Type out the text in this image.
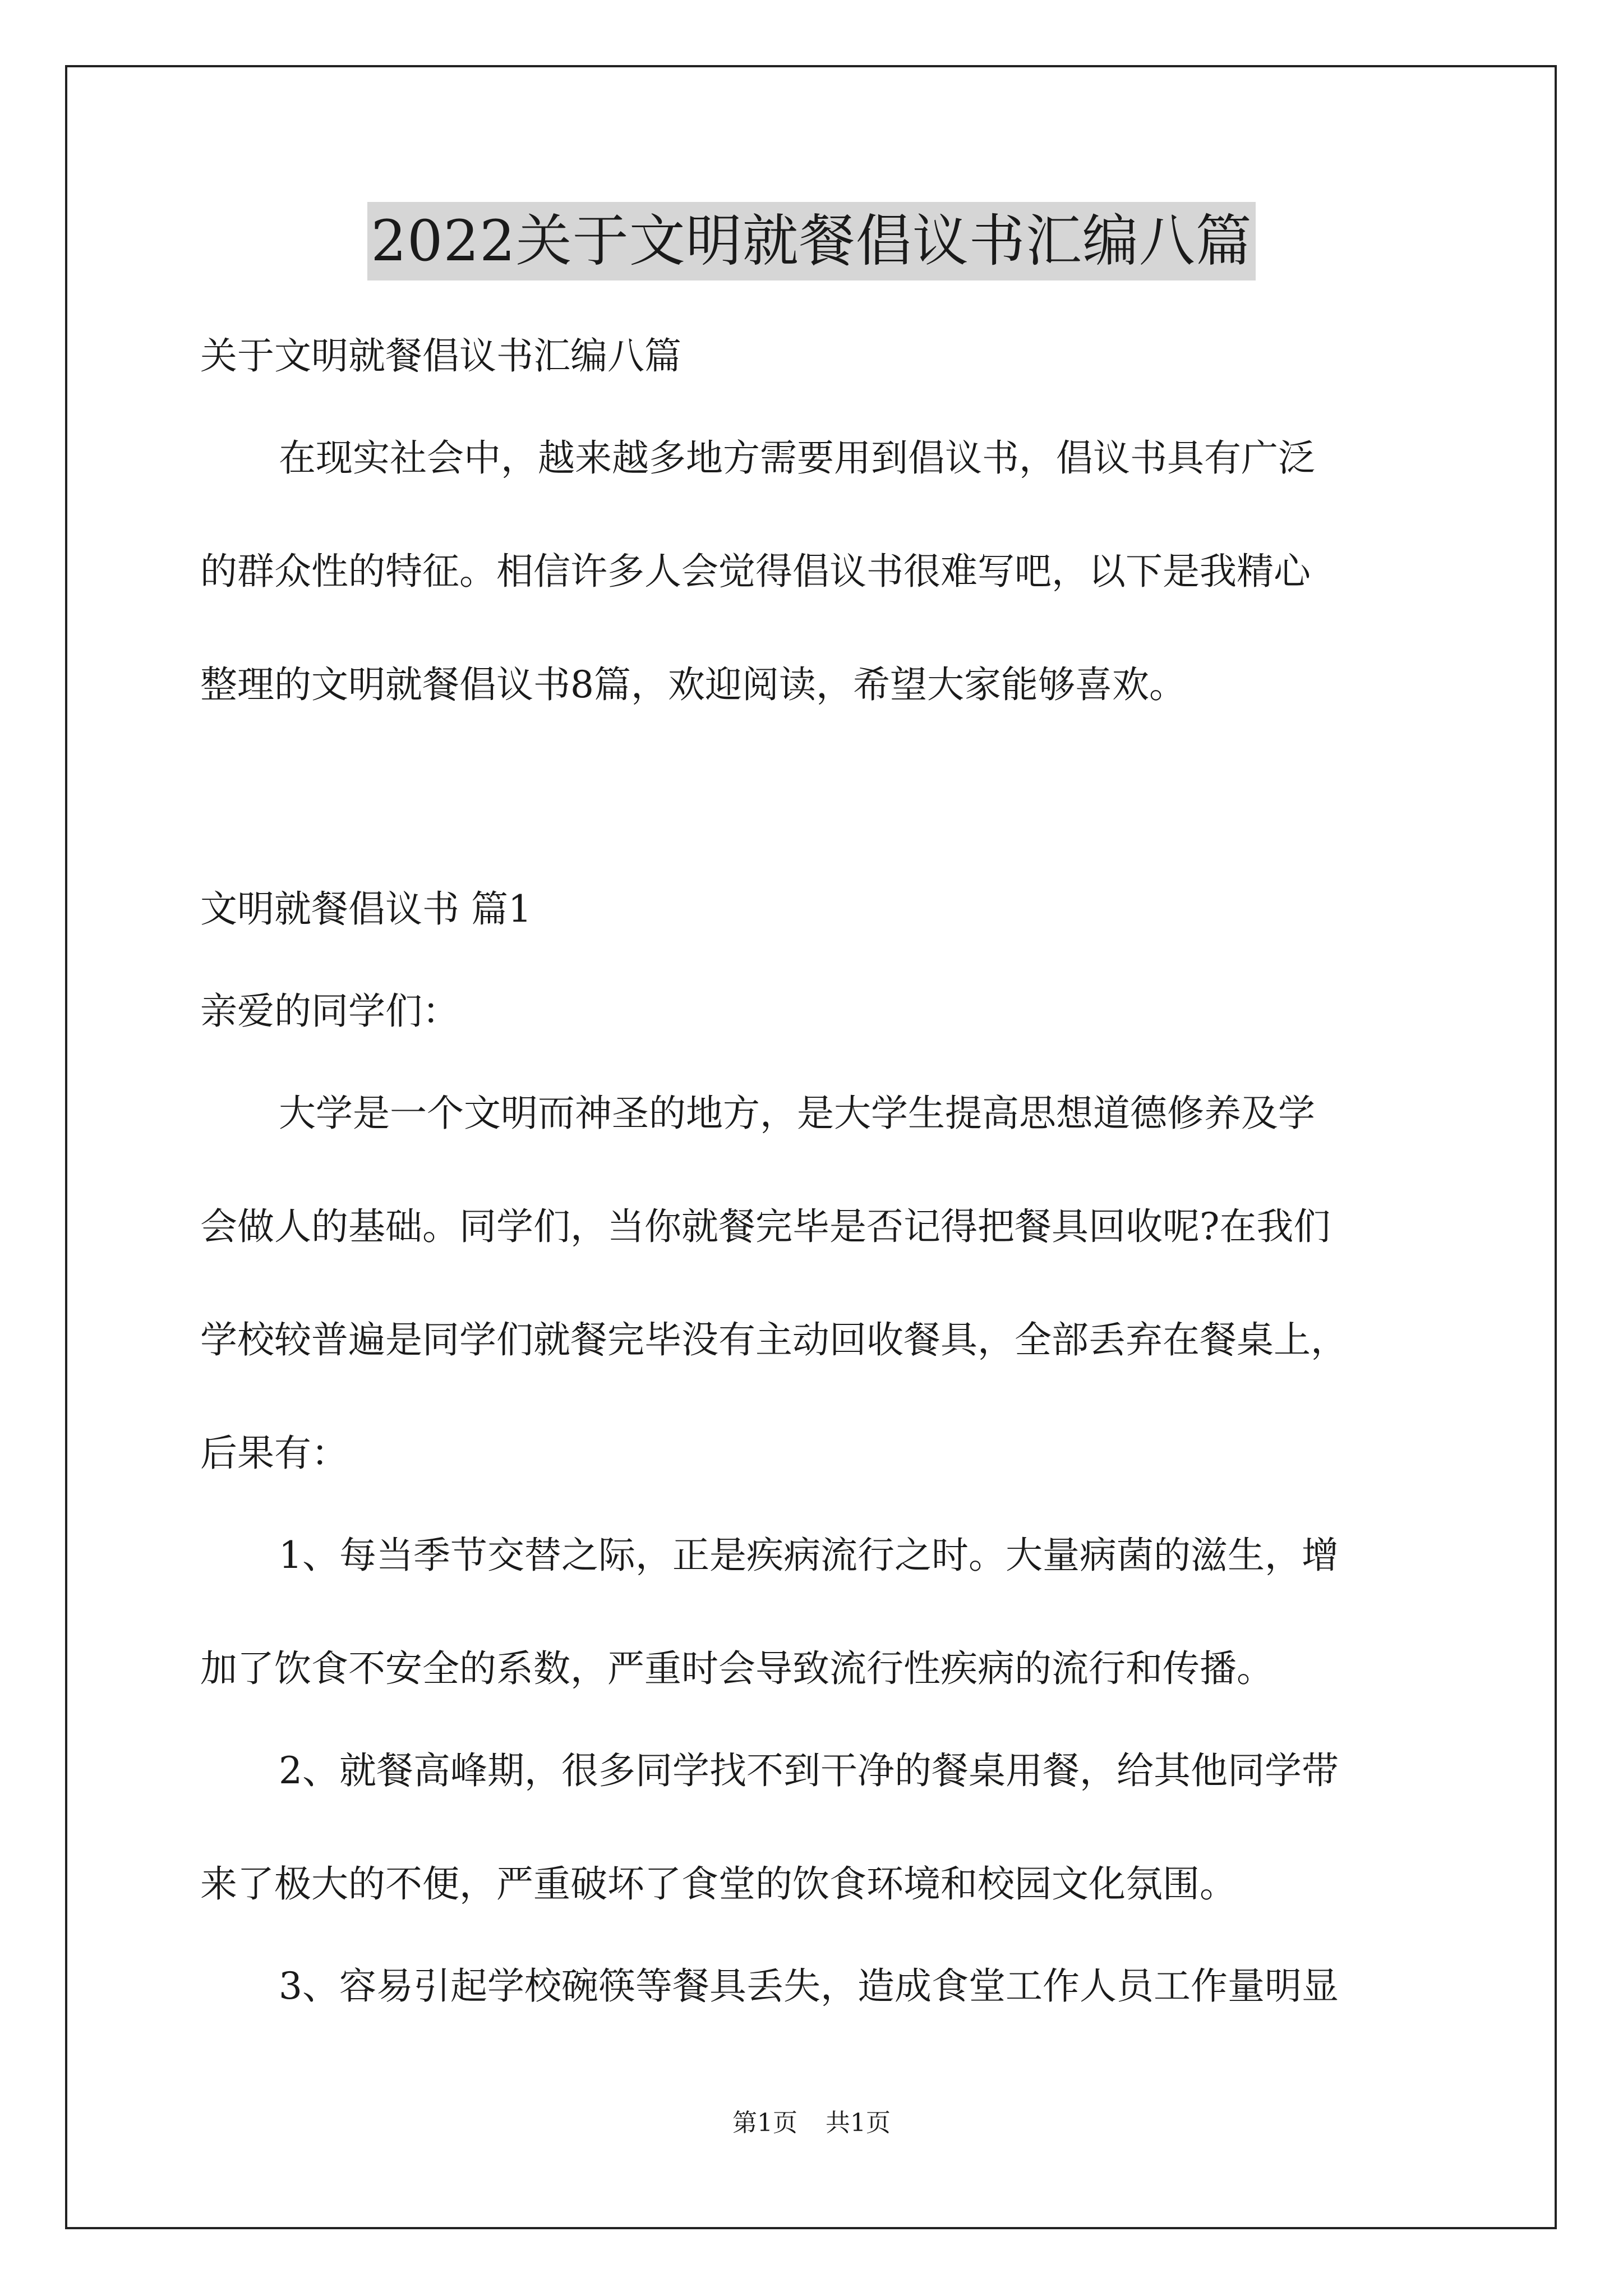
2022关于文明就餐倡议书汇编八篇

关于文明就餐倡议书汇编八篇

在现实社会中，越来越多地方需要用到倡议书，倡议书具有广泛

的群众性的特征。相信许多人会觉得倡议书很难写吧，以下是我精心

整理的文明就餐倡议书8篇，欢迎阅读，希望大家能够喜欢。

文明就餐倡议书 篇1

亲爱的同学们：

大学是一个文明而神圣的地方，是大学生提高思想道德修养及学

会做人的基础。同学们，当你就餐完毕是否记得把餐具回收呢?在我们

学校较普遍是同学们就餐完毕没有主动回收餐具，全部丢弃在餐桌上，

后果有：

1、每当季节交替之际，正是疾病流行之时。大量病菌的滋生，增

加了饮食不安全的系数，严重时会导致流行性疾病的流行和传播。

2、就餐高峰期，很多同学找不到干净的餐桌用餐，给其他同学带

来了极大的不便，严重破坏了食堂的饮食环境和校园文化氛围。

3、容易引起学校碗筷等餐具丢失，造成食堂工作人员工作量明显

第1页 共1页
